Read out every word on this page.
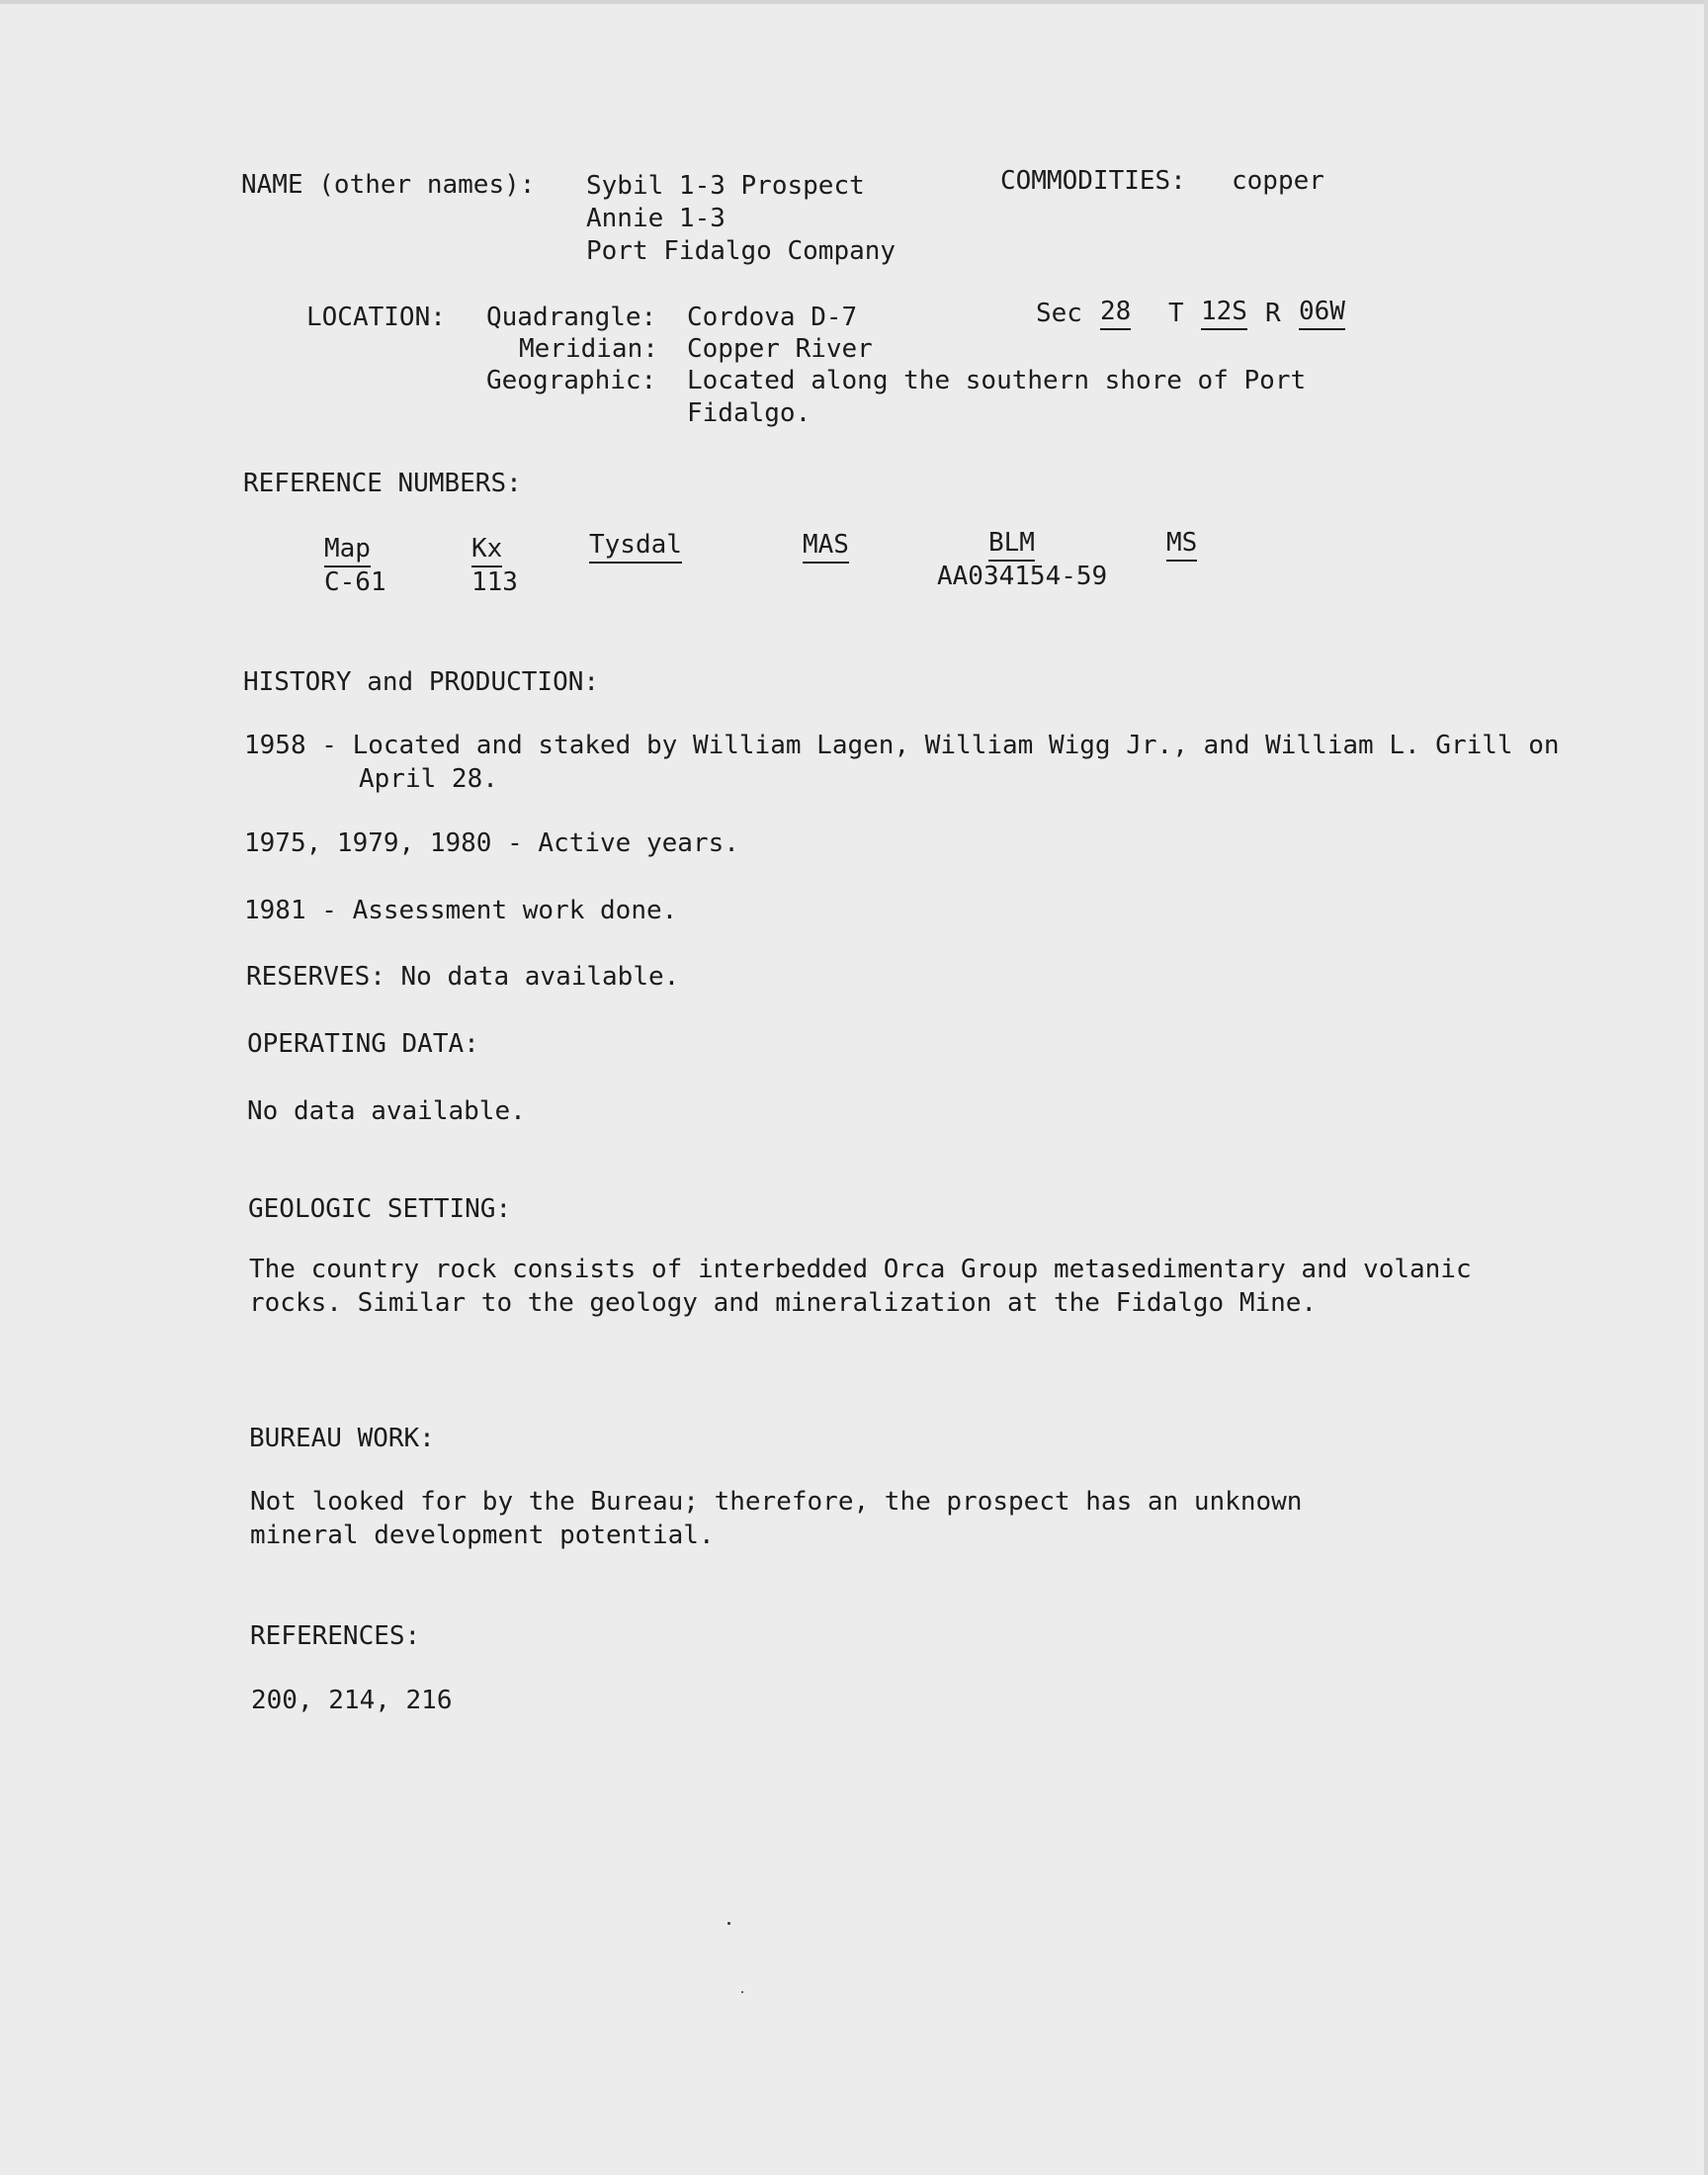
NAME (other names): Sybil 1-3 Prospect
Annie 1-3
Port Fidalgo Company
COMMODITIES: copper
LOCATION: Quadrangle: Cordova D-7
Meridian: Copper River
Geographic: Located along the southern shore of Port
Fidalgo.
Sec 28 T 12S R 06W
REFERENCE NUMBERS:
Map
C-61
Kx
113
Tysdal	MAS	BLM
AA034154-59
MS
HISTORY and PRODUCTION:
1958 - Located and staked by William Lagen, William Wigg Jr., and William L. Grill on April 28.
1975, 1979, 1980 - Active years.
1981 - Assessment work done.
RESERVES: No data available.
OPERATING DATA:
No data available.
GEOLOGIC SETTING:
The country rock consists of interbedded Orca Group metasedimentary and volanic rocks. Similar to the geology and mineralization at the Fidalgo Mine.
BUREAU WORK:
Not looked for by the Bureau; therefore, the prospect has an unknown mineral development potential.
REFERENCES:
200, 214, 216
